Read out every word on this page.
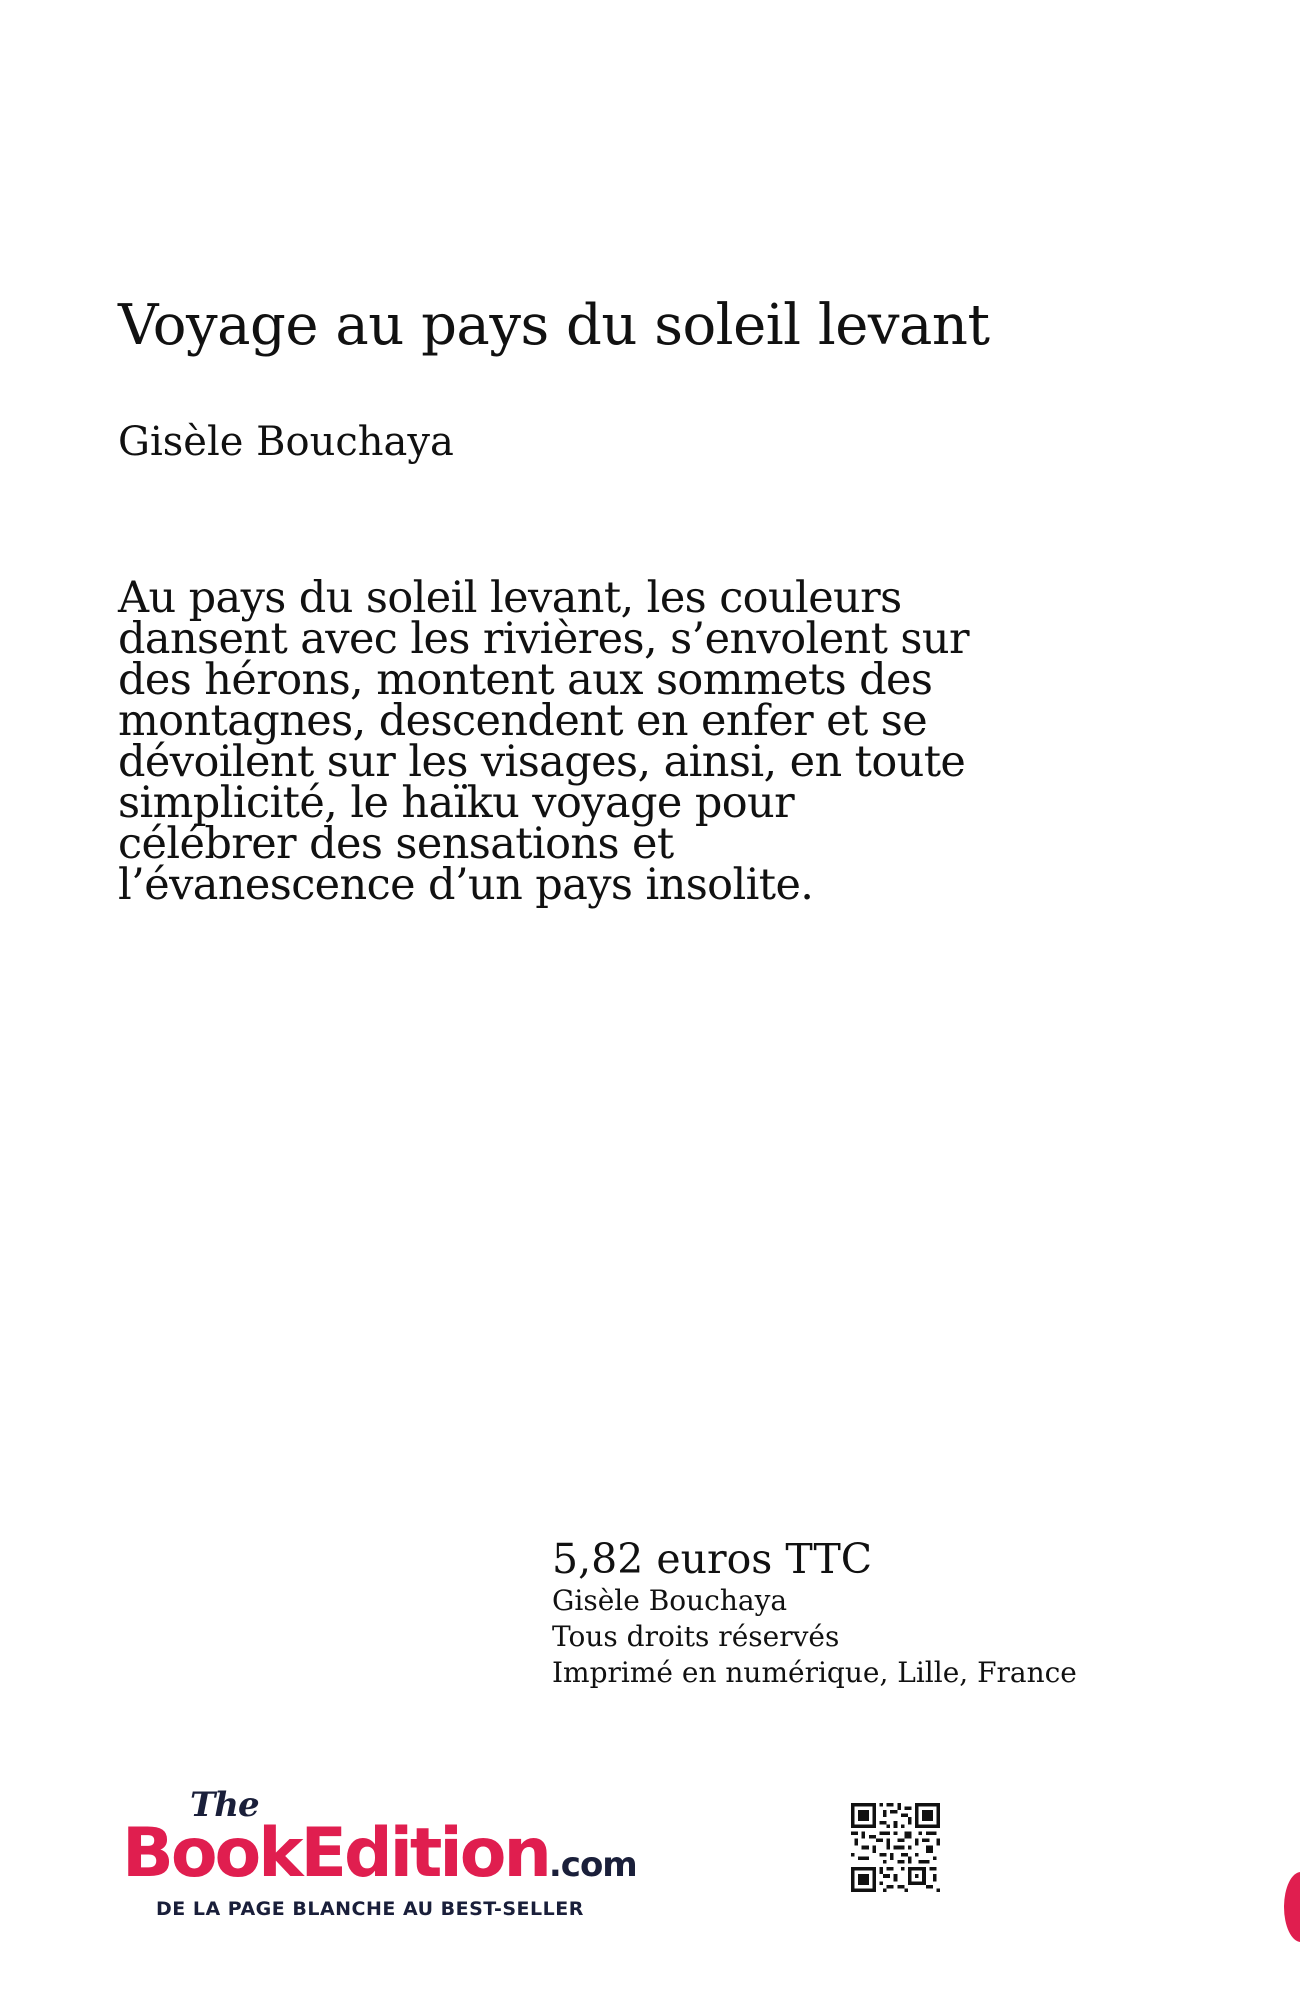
Voyage au pays du soleil levant

Gisèle Bouchaya

Au pays du soleil levant, les couleurs dansent avec les rivières, s’envolent sur des hérons, montent aux sommets des montagnes, descendent en enfer et se dévoilent sur les visages, ainsi, en toute simplicité, le haïku voyage pour célébrer des sensations et l’évanescence d’un pays insolite.

5,82 euros TTC
Gisèle Bouchaya
Tous droits réservés
Imprimé en numérique, Lille, France
The
BookEdition.com
DE LA PAGE BLANCHE AU BEST-SELLER
